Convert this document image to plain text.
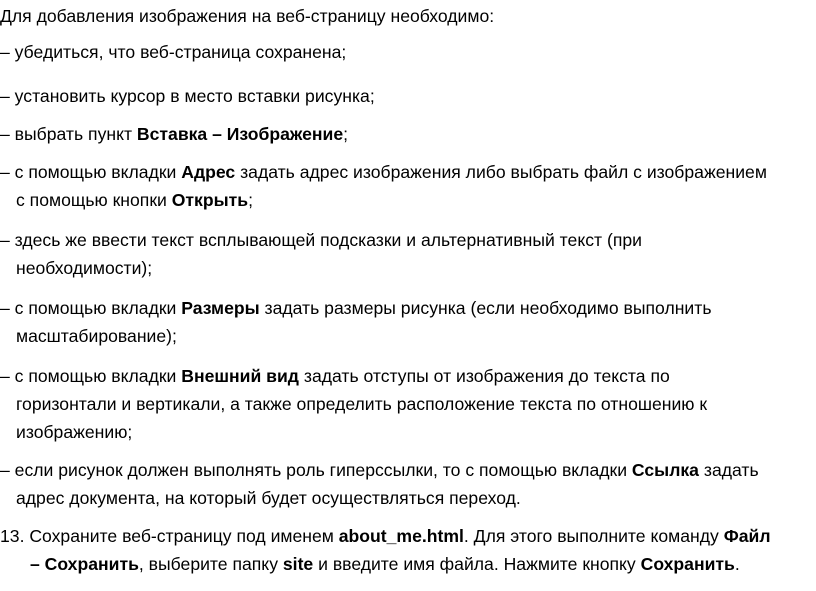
Для добавления изображения на веб-страницу необходимо:
– убедиться, что веб-страница сохранена;
– установить курсор в место вставки рисунка;
– выбрать пункт Вставка – Изображение;
– с помощью вкладки Адрес задать адрес изображения либо выбрать файл с изображением
с помощью кнопки Открыть;
– здесь же ввести текст всплывающей подсказки и альтернативный текст (при
необходимости);
– с помощью вкладки Размеры задать размеры рисунка (если необходимо выполнить
масштабирование);
– с помощью вкладки Внешний вид задать отступы от изображения до текста по
горизонтали и вертикали, а также определить расположение текста по отношению к
изображению;
– если рисунок должен выполнять роль гиперссылки, то с помощью вкладки Ссылка задать
адрес документа, на который будет осуществляться переход.
13. Сохраните веб-страницу под именем about_me.html. Для этого выполните команду Файл
– Сохранить, выберите папку site и введите имя файла. Нажмите кнопку Сохранить.
